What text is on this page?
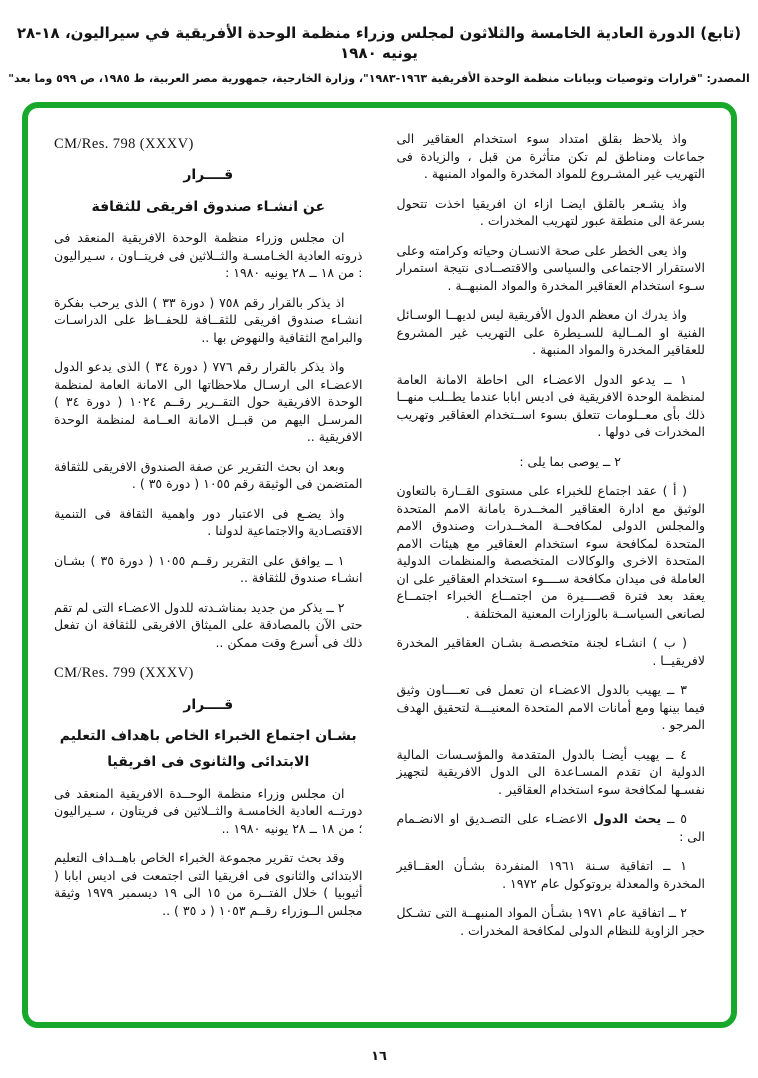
(تابع) الدورة العادية الخامسة والثلاثون لمجلس وزراء منظمة الوحدة الأفريقية في سيراليون، ١٨-٢٨ يونيه ١٩٨٠
المصدر: "قرارات وتوصيات وبيانات منظمة الوحدة الأفريقية ١٩٦٣-١٩٨٣"، وزارة الخارجية، جمهورية مصر العربية، ط ١٩٨٥، ص ٥٩٩ وما بعد"

واذ يلاحظ بقلق امتداد سوء استخدام العقاقير الى جماعات ومناطق لم تكن متأثرة من قبل ، والزيادة فى التهريب غير المشـروع للمواد المخدرة والمواد المنبهة .

واذ يشـعر بالقلق ايضـا ازاء ان افريقيا اخذت تتحول بسرعة الى منطقة عبور لتهريب المخدرات .

واذ يعى الخطر على صحة الانسـان وحياته وكرامته وعلى الاستقرار الاجتماعى والسياسى والاقتصــادى نتيجة استمرار سـوء استخدام العقاقير المخدرة والمواد المنبهــة .

واذ يدرك ان معظم الدول الأفريقية ليس لديهــا الوسـائل الفنية او المــالية للسـيطرة على التهريب غير المشروع للعقاقير المخدرة والمواد المنبهة .

١ ــ يدعو الدول الاعضـاء الى احاطة الامانة العامة لمنظمة الوحدة الافريقية فى اديس ابابا عندما يطــلب منهــا ذلك بأى معــلومات تتعلق بسوء اســتخدام العقاقير وتهريب المخدرات فى دولها .

٢ ــ يوصى بما يلى :

( أ ) عقد اجتماع للخبراء على مستوى القــارة بالتعاون الوثيق مع ادارة العقاقير المخــدرة بامانة الامم المتحدة والمجلس الدولى لمكافحــة المخــدرات وصندوق الامم المتحدة لمكافحة سوء استخدام العقاقير مع هيئات الامم المتحدة الاخرى والوكالات المتخصصة والمنظمات الدولية العاملة فى ميدان مكافحة ســــوء استخدام العقاقير على ان يعقد بعد فترة قصــــيرة من اجتمــاع الخبراء اجتمــاع لصانعى السياســة بالوزارات المعنية المختلفة .

( ب ) انشـاء لجنة متخصصـة بشـان العقاقير المخدرة لافريقيــا .

٣ ــ يهيب بالدول الاعضـاء ان تعمل فى تعــــاون وثيق فيما بينها ومع أمانات الامم المتحدة المعنيـــة لتحقيق الهدف المرجو .

٤ ــ يهيب أيضـا بالدول المتقدمة والمؤسـسات المالية الدولية ان تقدم المسـاعدة الى الدول الافريقية لتجهيز نفسـها لمكافحة سوء استخدام العقاقير .

٥ ــ يحث الدول الاعضـاء على التصـديق او الانضـمام الى :

١ ــ اتفاقية سـنة ١٩٦١ المنفردة بشـأن العقــاقير المخدرة والمعدلة بروتوكول عام ١٩٧٢ .

٢ ــ اتفاقية عام ١٩٧١ بشـأن المواد المنبهــة التى تشـكل حجر الزاوية للنظام الدولى لمكافحة المخدرات .

CM/Res. 798 (XXXV)
قــــرار
عن انشـاء صندوق افريقى للثقافة

ان مجلس وزراء منظمة الوحدة الافريقية المنعقد فى ذروته العادية الخـامسـة والثــلاثين فى فريتــاون ، سـيراليون : من ١٨ ــ ٢٨ يونيه ١٩٨٠ :

اذ يذكر بالقرار رقم ٧٥٨ ( دورة ٣٣ ) الذى يرحب بفكرة انشـاء صندوق افريقى للثقــافة للحفــاظ على الدراسـات والبرامج الثقافية والنهوض بها ..

واذ يذكر بالقرار رقم ٧٧٦ ( دورة ٣٤ ) الذى يدعو الدول الاعضـاء الى ارسـال ملاحظاتها الى الامانة العامة لمنظمة الوحدة الافريقية حول التقــرير رقــم ١٠٢٤ ( دورة ٣٤ ) المرسـل اليهم من قبــل الامانة العــامة لمنظمة الوحدة الافريقية ..

وبعد ان بحث التقرير عن صفة الصندوق الافريقى للثقافة المتضمن فى الوثيقة رقم ١٠٥٥ ( دورة ٣٥ ) .

واذ يضـع فى الاعتبار دور واهمية الثقافة فى التنمية الاقتصـادية والاجتماعية لدولنا .

١ ــ يوافق على التقرير رقــم ١٠٥٥ ( دورة ٣٥ ) بشـان انشـاء صندوق للثقافة ..

٢ ــ يذكر من جديد بمناشـدته للدول الاعضـاء التى لم تقم حتى الآن بالمصادقة على الميثاق الافريقى للثقافة ان تفعل ذلك فى أسرع وقت ممكن ..

CM/Res. 799 (XXXV)
قــــرار
بشـان اجتماع الخبراء الخاص باهداف التعليم
الابتدائى والثانوى فى افريقيا

ان مجلس وزراء منظمة الوحــدة الافريقية المنعقد فى دورتــه العادية الخامسـة والثــلاثين فى فريتاون ، سـيراليون ؛ من ١٨ ــ ٢٨ يونيه ١٩٨٠ ..

وقد بحث تقرير مجموعة الخبراء الخاص باهــداف التعليم الابتدائى والثانوى فى افريقيا التى اجتمعت فى اديس ابابا ( أثيوبيا ) خلال الفتــرة من ١٥ الى ١٩ ديسمبر ١٩٧٩ وثيقة مجلس الــوزراء رقــم ١٠٥٣ ( د ٣٥ ) ..

١٦
